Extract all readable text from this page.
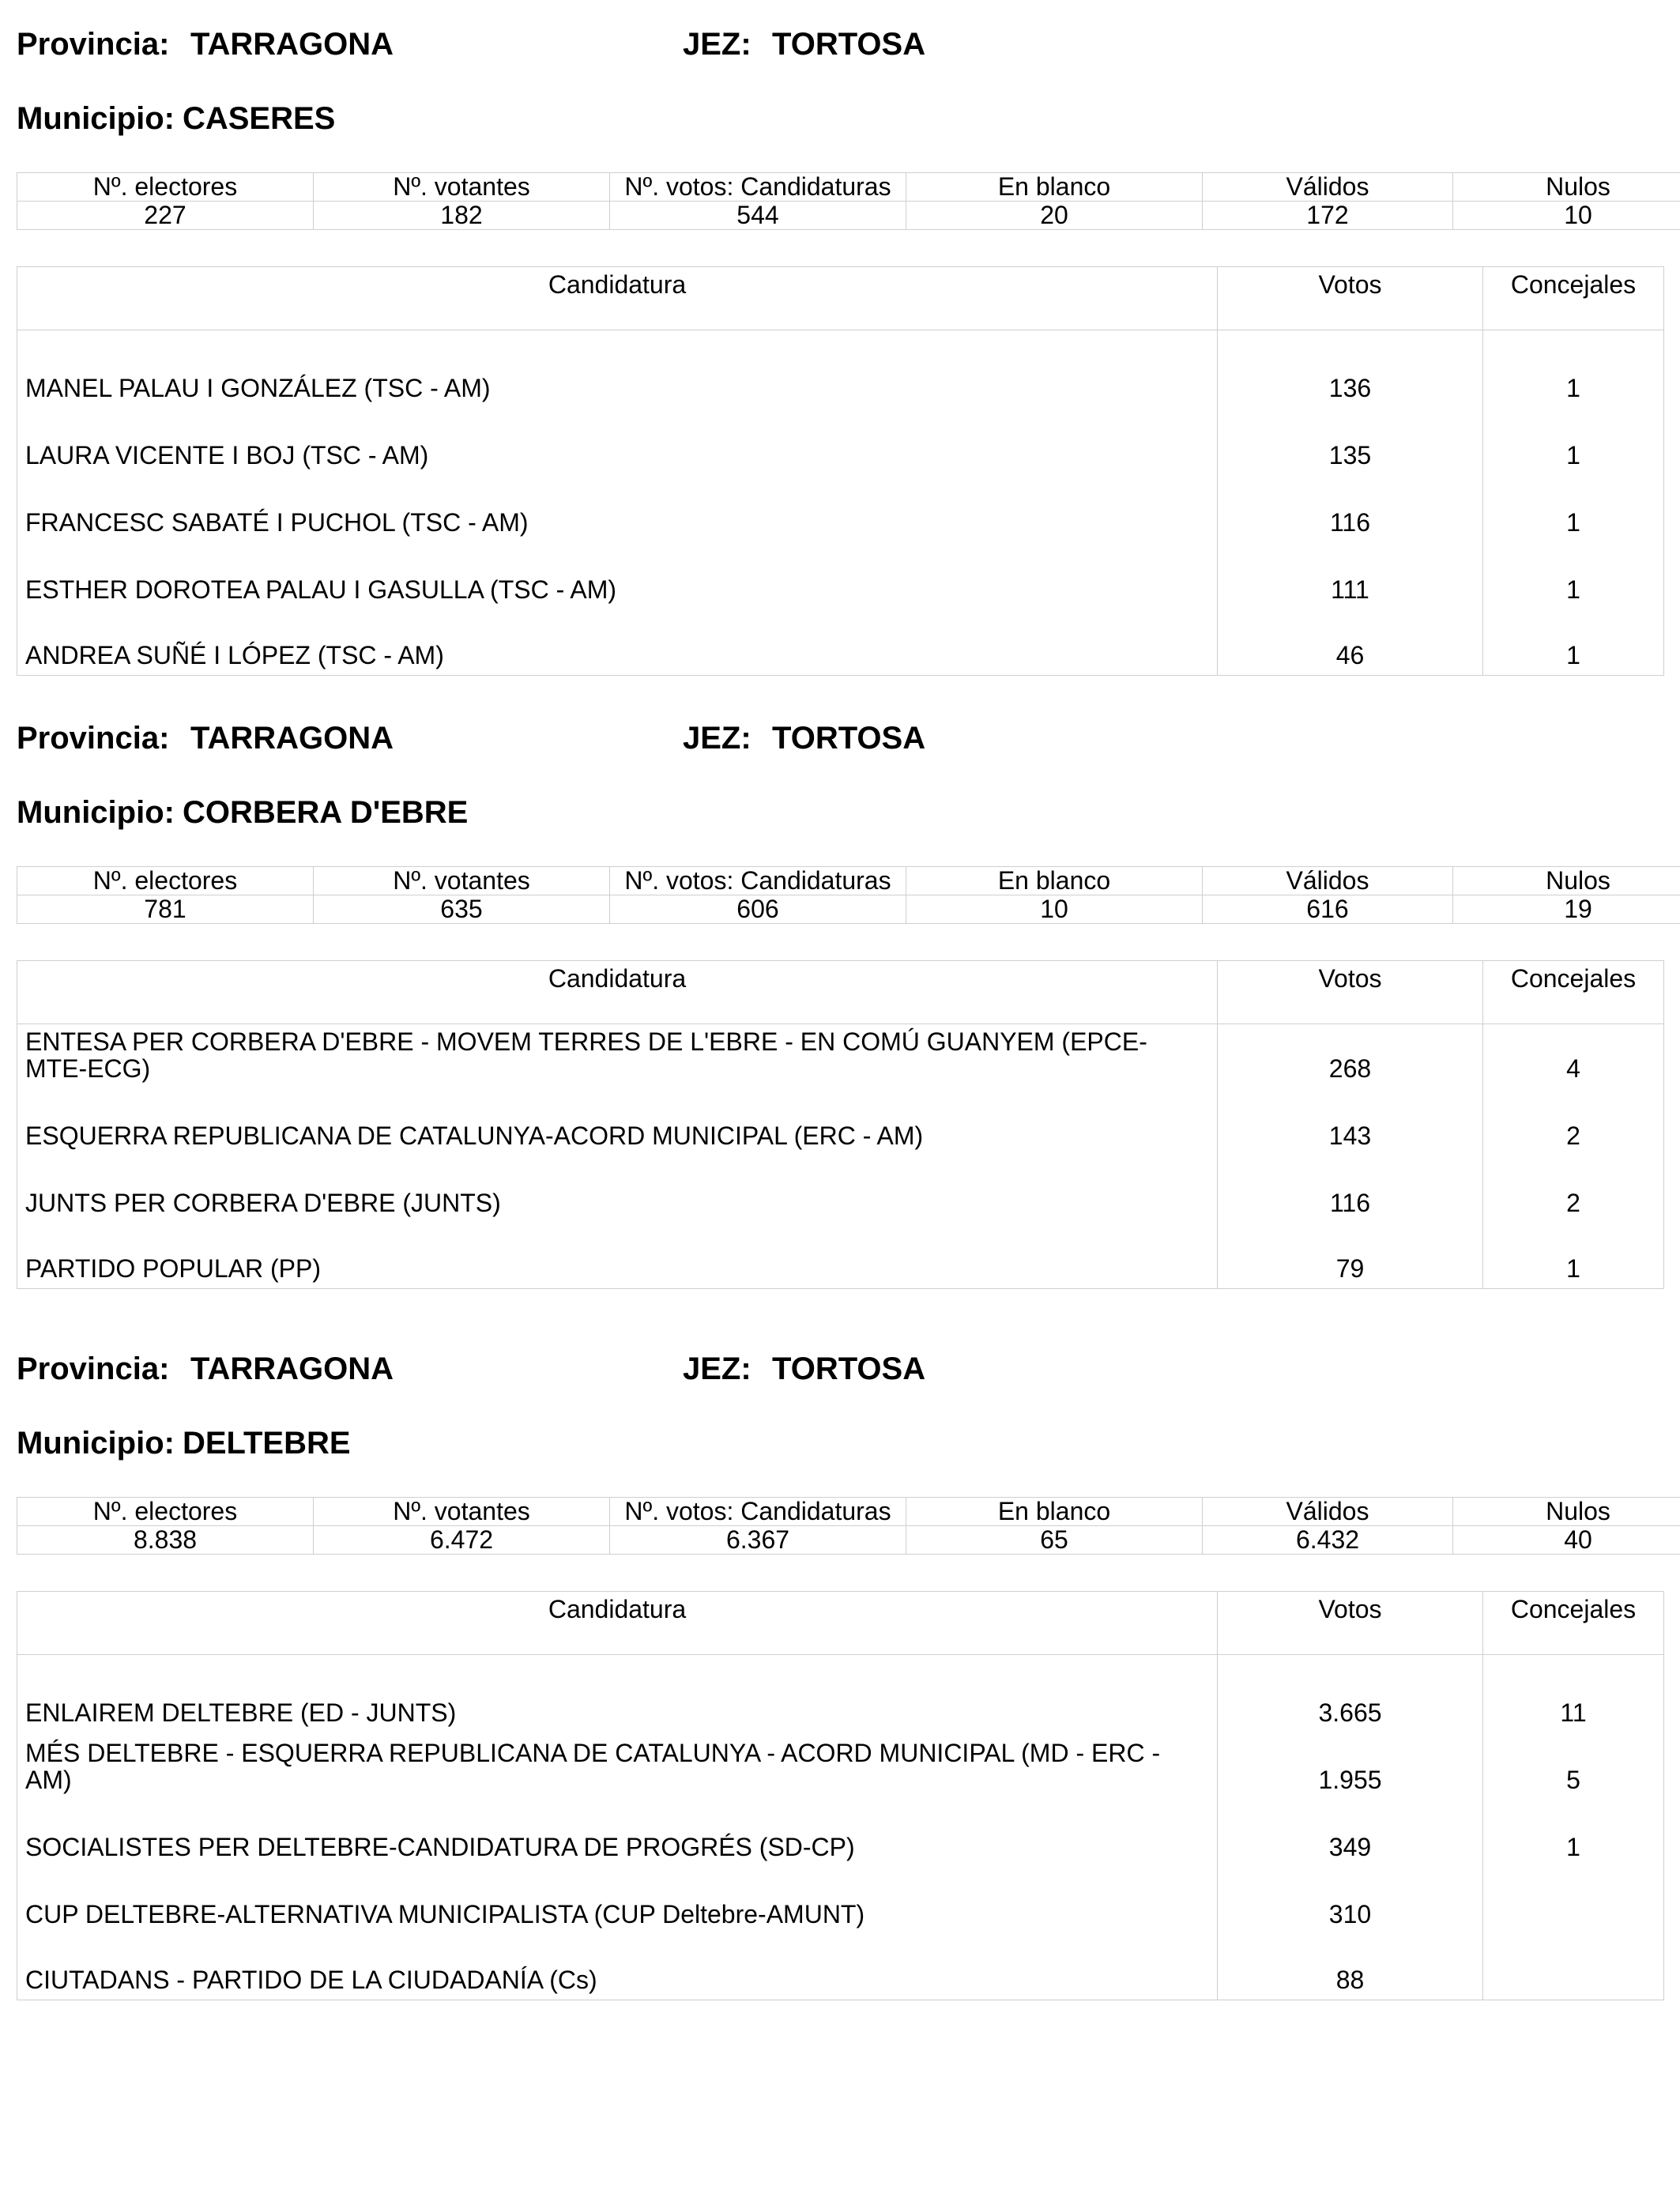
Provincia: TARRAGONA	JEZ: TORTOSA
Municipio: CASERES
Nº. electores	Nº. votantes	Nº. votos: Candidaturas	En blanco	Válidos	Nulos
227	182	544	20	172	10
Candidatura	Votos	Concejales
MANEL PALAU I GONZÁLEZ (TSC - AM)	136	1
LAURA VICENTE I BOJ (TSC - AM)	135	1
FRANCESC SABATÉ I PUCHOL (TSC - AM)	116	1
ESTHER DOROTEA PALAU I GASULLA (TSC - AM)	111	1
ANDREA SUÑÉ I LÓPEZ (TSC - AM)	46	1
Provincia: TARRAGONA	JEZ: TORTOSA
Municipio: CORBERA D'EBRE
Nº. electores	Nº. votantes	Nº. votos: Candidaturas	En blanco	Válidos	Nulos
781	635	606	10	616	19
Candidatura	Votos	Concejales
ENTESA PER CORBERA D'EBRE - MOVEM TERRES DE L'EBRE - EN COMÚ GUANYEM (EPCE-MTE-ECG)	268	4
ESQUERRA REPUBLICANA DE CATALUNYA-ACORD MUNICIPAL (ERC - AM)	143	2
JUNTS PER CORBERA D'EBRE (JUNTS)	116	2
PARTIDO POPULAR (PP)	79	1
Provincia: TARRAGONA	JEZ: TORTOSA
Municipio: DELTEBRE
Nº. electores	Nº. votantes	Nº. votos: Candidaturas	En blanco	Válidos	Nulos
8.838	6.472	6.367	65	6.432	40
Candidatura	Votos	Concejales
ENLAIREM DELTEBRE (ED - JUNTS)	3.665	11
MÉS DELTEBRE - ESQUERRA REPUBLICANA DE CATALUNYA - ACORD MUNICIPAL (MD - ERC - AM)	1.955	5
SOCIALISTES PER DELTEBRE-CANDIDATURA DE PROGRÉS (SD-CP)	349	1
CUP DELTEBRE-ALTERNATIVA MUNICIPALISTA (CUP Deltebre-AMUNT)	310	
CIUTADANS - PARTIDO DE LA CIUDADANÍA (Cs)	88	
